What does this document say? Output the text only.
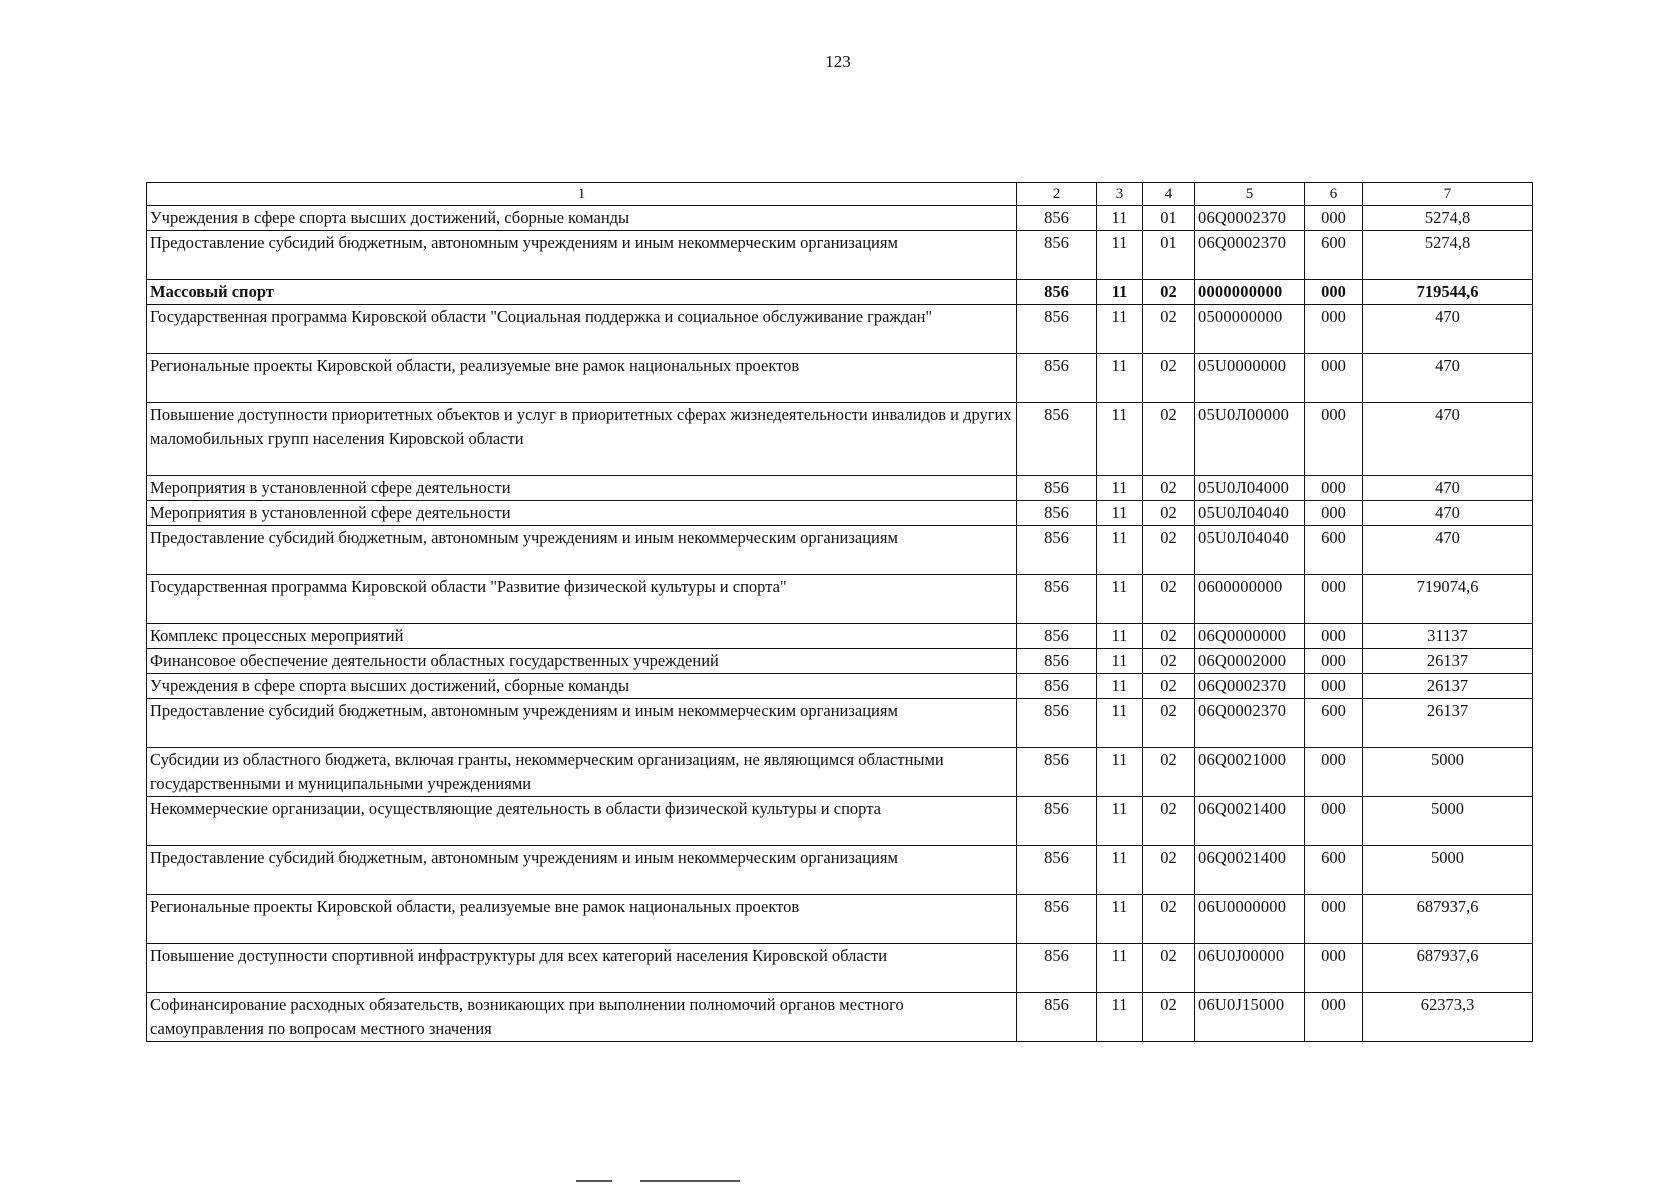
123
1	2	3	4	5	6	7
Учреждения в сфере спорта высших достижений, сборные команды	856	11	01	06Q0002370	000	5274,8
Предоставление субсидий бюджетным, автономным учреждениям и иным некоммерческим организациям	856	11	01	06Q0002370	600	5274,8
Массовый спорт	856	11	02	0000000000	000	719544,6
Государственная программа Кировской области "Социальная поддержка и социальное обслуживание граждан"	856	11	02	0500000000	000	470
Региональные проекты Кировской области, реализуемые вне рамок национальных проектов	856	11	02	05U0000000	000	470
Повышение доступности приоритетных объектов и услуг в приоритетных сферах жизнедеятельности инвалидов и других маломобильных групп населения Кировской области	856	11	02	05U0Л00000	000	470
Мероприятия в установленной сфере деятельности	856	11	02	05U0Л04000	000	470
Мероприятия в установленной сфере деятельности	856	11	02	05U0Л04040	000	470
Предоставление субсидий бюджетным, автономным учреждениям и иным некоммерческим организациям	856	11	02	05U0Л04040	600	470
Государственная программа Кировской области "Развитие физической культуры и спорта"	856	11	02	0600000000	000	719074,6
Комплекс процессных мероприятий	856	11	02	06Q0000000	000	31137
Финансовое обеспечение деятельности областных государственных учреждений	856	11	02	06Q0002000	000	26137
Учреждения в сфере спорта высших достижений, сборные команды	856	11	02	06Q0002370	000	26137
Предоставление субсидий бюджетным, автономным учреждениям и иным некоммерческим организациям	856	11	02	06Q0002370	600	26137
Субсидии из областного бюджета, включая гранты, некоммерческим организациям, не являющимся областными государственными и муниципальными учреждениями	856	11	02	06Q0021000	000	5000
Некоммерческие организации, осуществляющие деятельность в области физической культуры и спорта	856	11	02	06Q0021400	000	5000
Предоставление субсидий бюджетным, автономным учреждениям и иным некоммерческим организациям	856	11	02	06Q0021400	600	5000
Региональные проекты Кировской области, реализуемые вне рамок национальных проектов	856	11	02	06U0000000	000	687937,6
Повышение доступности спортивной инфраструктуры для всех категорий населения Кировской области	856	11	02	06U0J00000	000	687937,6
Софинансирование расходных обязательств, возникающих при выполнении полномочий органов местного самоуправления по вопросам местного значения	856	11	02	06U0J15000	000	62373,3
